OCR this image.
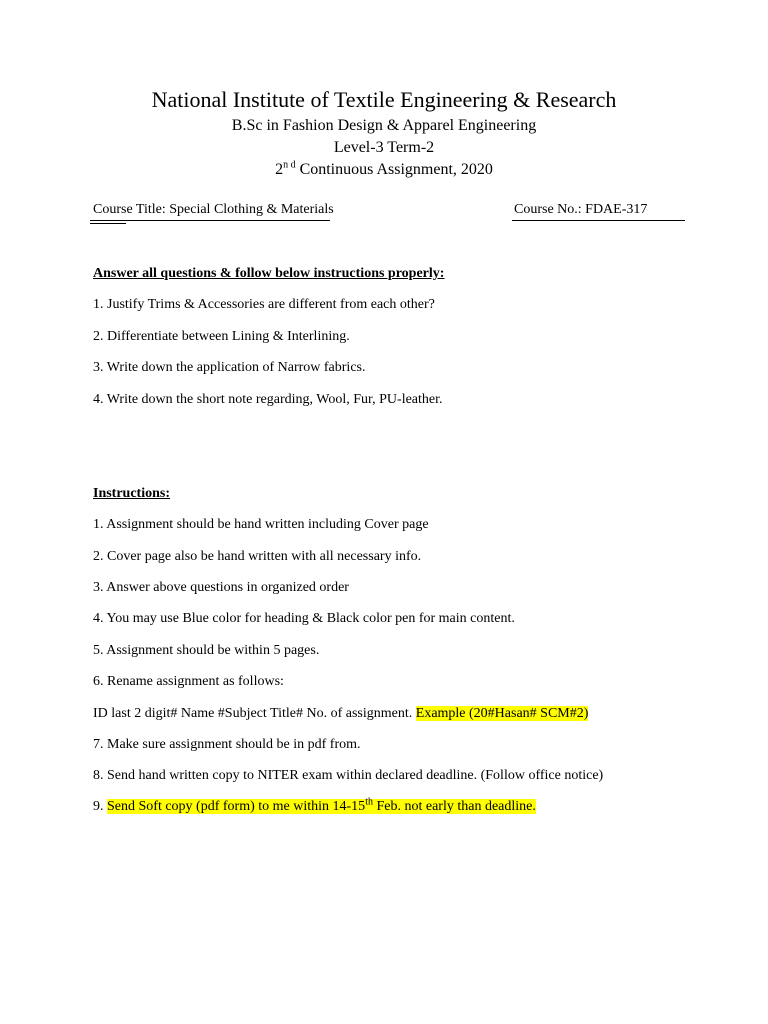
National Institute of Textile Engineering & Research
B.Sc in Fashion Design & Apparel Engineering
Level-3 Term-2
$2^{n d}$ Continuous Assignment, 2020
Course Title: Special Clothing & Materials	Course No.: FDAE-317
Answer all questions & follow below instructions properly:
1. Justify Trims & Accessories are different from each other?
2. Differentiate between Lining & Interlining.
3. Write down the application of Narrow fabrics.
4. Write down the short note regarding, Wool, Fur, PU-leather.
Instructions:
1. Assignment should be hand written including Cover page
2. Cover page also be hand written with all necessary info.
3. Answer above questions in organized order
4. You may use Blue color for heading & Black color pen for main content.
5. Assignment should be within 5 pages.
6. Rename assignment as follows:
ID last 2 digit# Name #Subject Title# No. of assignment. Example (20#Hasan# SCM#2)
7. Make sure assignment should be in pdf from.
8. Send hand written copy to NITER exam within declared deadline. (Follow office notice)
9. Send Soft copy (pdf form) to me within 14-15th Feb. not early than deadline.
